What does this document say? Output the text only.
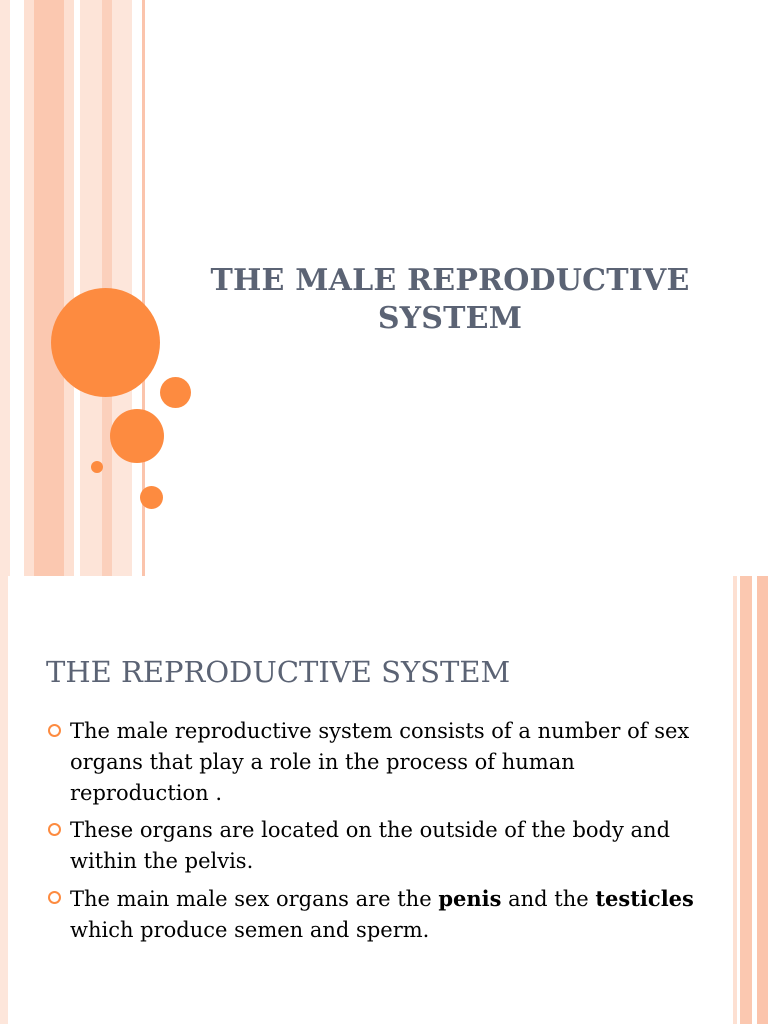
THE MALE REPRODUCTIVE SYSTEM
THE REPRODUCTIVE SYSTEM
The male reproductive system consists of a number of sex organs that play a role in the process of human reproduction .
These organs are located on the outside of the body and within the pelvis.
The main male sex organs are the penis and the testicles which produce semen and sperm.
